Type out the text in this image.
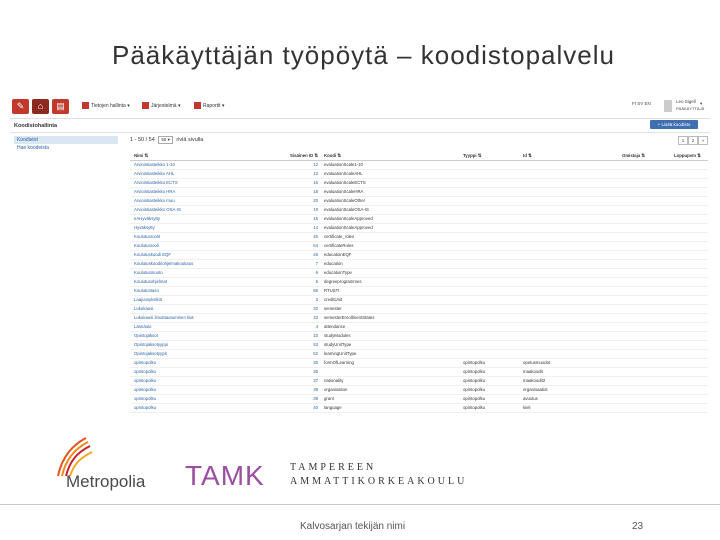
Pääkäyttäjän työpöytä – koodistopalvelu
✎	⌂	▤	Tietojen hallinta ▾	Järjestelmä ▾	Raportit ▾	FI SV EN	Leo Sigell
PÄÄKÄYTTÄJÄ
▾
Koodistohallinta	+ Lisää koodisto
Koodistot
Hae koodeista
1 - 50 / 54 50 ▾ riviä sivulla	1	2	»
Nimi ⇅	Sisäinen ID ⇅ Koodi ⇅	Tyyppi ⇅	Id ⇅	Omistaja ⇅	Loppupvm ⇅
Arviointiasteikko 1-10	12 evaluationScale1-10
Arviointiasteikko AHL	13 evaluationScaleAHL
Arviointiasteikko ECTS	16 evaluationScaleECTS
Arviointiasteikko HRA	18 evaluationScaleHRA
Arviointiasteikko muu	20 evaluationScaleOther
Arviointiasteikko OSA-IS	19 evaluationScaleOSA-IS
eAHyväksytty	15 evaluationScaleApproved
Hyväksytty	14 evaluationScaleApproved
Koulutusroolit	46 certificate_roles
Koulutusrooli	54 certificateRoles
Koulutuskoodi EQF	26 educationEQF
Koulutuskoodi/ohjelmakoulutus	7 education
Koulutusmuoto	6 educationType
Koulutusohjelmat	5 degreeprogrammes
Koulutustaso	55 RTUSTI
Laajuusyksiköt	3 creditUnit
Lukukausi	32 semester
Lukukausi ilmoittautuminen lisä	33 semesterEnrollmentStates
Läsnäolo	4 attendance
Opintojaksot	10 studyModules
Opintojaksotyyppi	53 studyUnitType
Opintojaksotyypit	52 learningUnitType
opintopolku	35 formOfLearning	opintopolku	opetusmuodot
opintopolku	36	opintopolku	maakoodit
opintopolku	37 nationality	opintopolku	maakoodit2
opintopolku	38 organisation	opintopolku	organisaatiot
opintopolku	39 grant	opintopolku	avustus
opintopolku	40 language	opintopolku	kieli
Metropolia TAMK	TAMPEREEN
AMMATTIKORKEAKOULU
Kalvosarjan tekijän nimi	23
